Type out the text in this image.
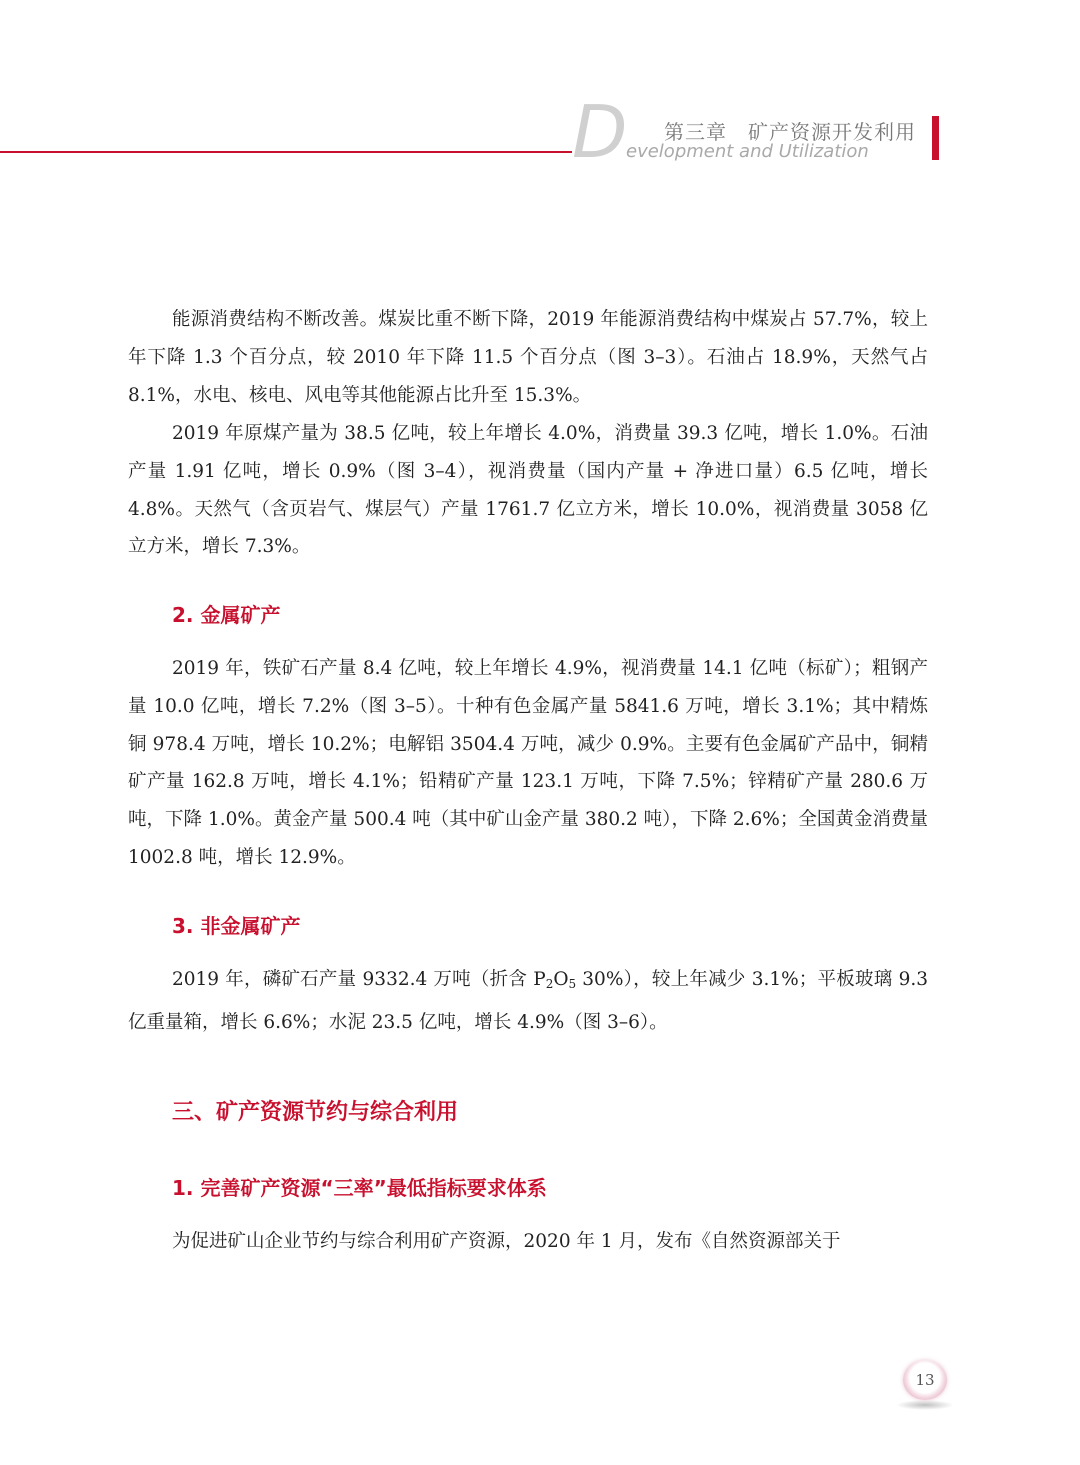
D 第三章　矿产资源开发利用
evelopment and Utilization

能源消费结构不断改善。煤炭比重不断下降，2019 年能源消费结构中煤炭占 57.7%，较上年下降 1.3 个百分点，较 2010 年下降 11.5 个百分点（图 3–3）。石油占 18.9%，天然气占 8.1%，水电、核电、风电等其他能源占比升至 15.3%。

2019 年原煤产量为 38.5 亿吨，较上年增长 4.0%，消费量 39.3 亿吨，增长 1.0%。石油产量 1.91 亿吨，增长 0.9%（图 3–4），视消费量（国内产量 + 净进口量）6.5 亿吨，增长 4.8%。天然气（含页岩气、煤层气）产量 1761.7 亿立方米，增长 10.0%，视消费量 3058 亿立方米，增长 7.3%。

2. 金属矿产

2019 年，铁矿石产量 8.4 亿吨，较上年增长 4.9%，视消费量 14.1 亿吨（标矿）；粗钢产量 10.0 亿吨，增长 7.2%（图 3–5）。十种有色金属产量 5841.6 万吨，增长 3.1%；其中精炼铜 978.4 万吨，增长 10.2%；电解铝 3504.4 万吨，减少 0.9%。主要有色金属矿产品中，铜精矿产量 162.8 万吨，增长 4.1%；铅精矿产量 123.1 万吨，下降 7.5%；锌精矿产量 280.6 万吨，下降 1.0%。黄金产量 500.4 吨（其中矿山金产量 380.2 吨），下降 2.6%；全国黄金消费量 1002.8 吨，增长 12.9%。

3. 非金属矿产

2019 年，磷矿石产量 9332.4 万吨（折含 $P_2O_5$ 30%），较上年减少 3.1%；平板玻璃 9.3 亿重量箱，增长 6.6%；水泥 23.5 亿吨，增长 4.9%（图 3–6）。

三、矿产资源节约与综合利用
1. 完善矿产资源“三率”最低指标要求体系

为促进矿山企业节约与综合利用矿产资源，2020 年 1 月，发布《自然资源部关于

13
